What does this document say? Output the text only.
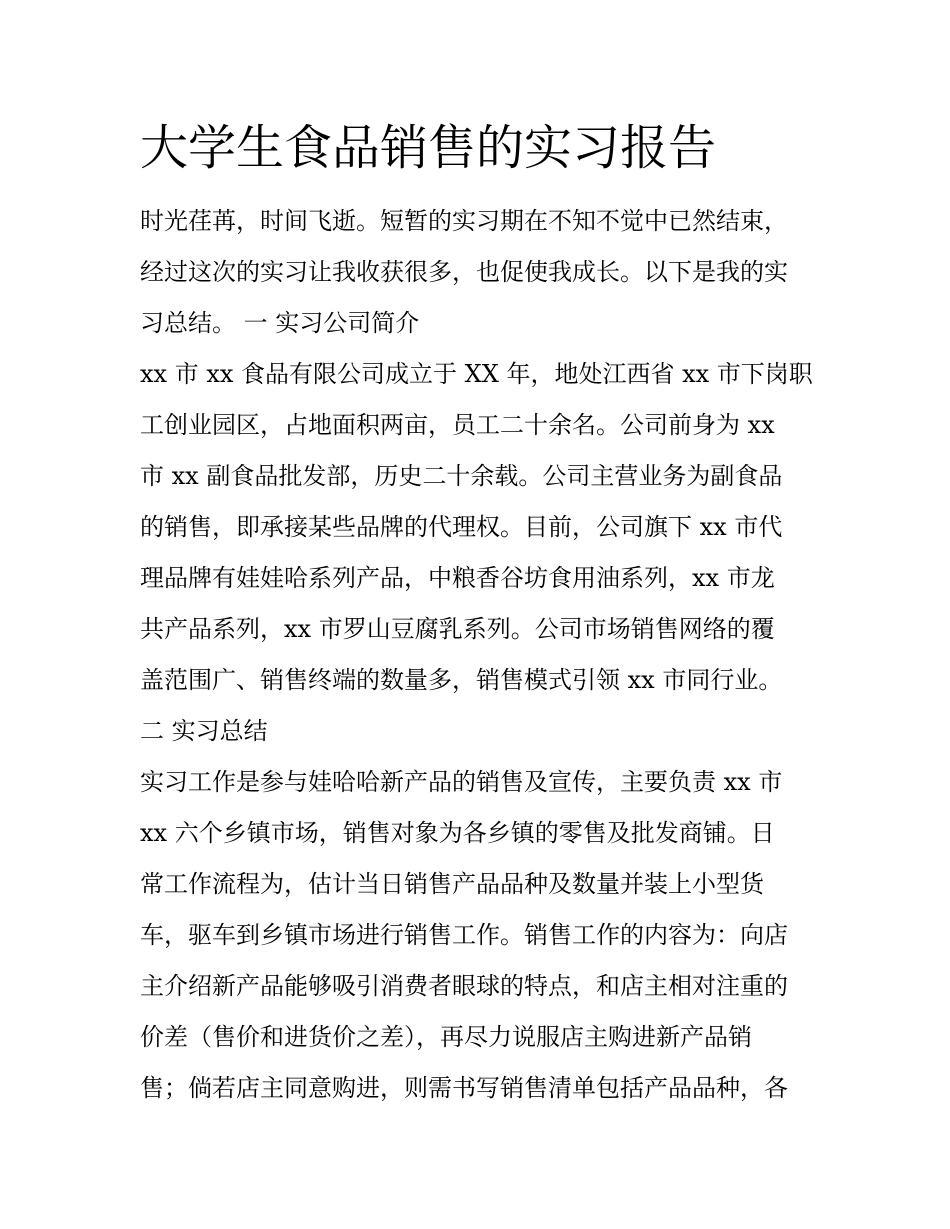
大学生食品销售的实习报告
时光荏苒，时间飞逝。短暂的实习期在不知不觉中已然结束，
经过这次的实习让我收获很多，也促使我成长。以下是我的实
习总结。 一 实习公司简介
xx 市 xx 食品有限公司成立于 XX 年，地处江西省 xx 市下岗职
工创业园区，占地面积两亩，员工二十余名。公司前身为 xx
市 xx 副食品批发部，历史二十余载。公司主营业务为副食品
的销售，即承接某些品牌的代理权。目前，公司旗下 xx 市代
理品牌有娃娃哈系列产品，中粮香谷坊食用油系列，xx 市龙
共产品系列，xx 市罗山豆腐乳系列。公司市场销售网络的覆
盖范围广、销售终端的数量多，销售模式引领 xx 市同行业。
二 实习总结
实习工作是参与娃哈哈新产品的销售及宣传，主要负责 xx 市
xx 六个乡镇市场，销售对象为各乡镇的零售及批发商铺。日
常工作流程为，估计当日销售产品品种及数量并装上小型货
车，驱车到乡镇市场进行销售工作。销售工作的内容为：向店
主介绍新产品能够吸引消费者眼球的特点，和店主相对注重的
价差（售价和进货价之差），再尽力说服店主购进新产品销
售；倘若店主同意购进，则需书写销售清单包括产品品种，各
